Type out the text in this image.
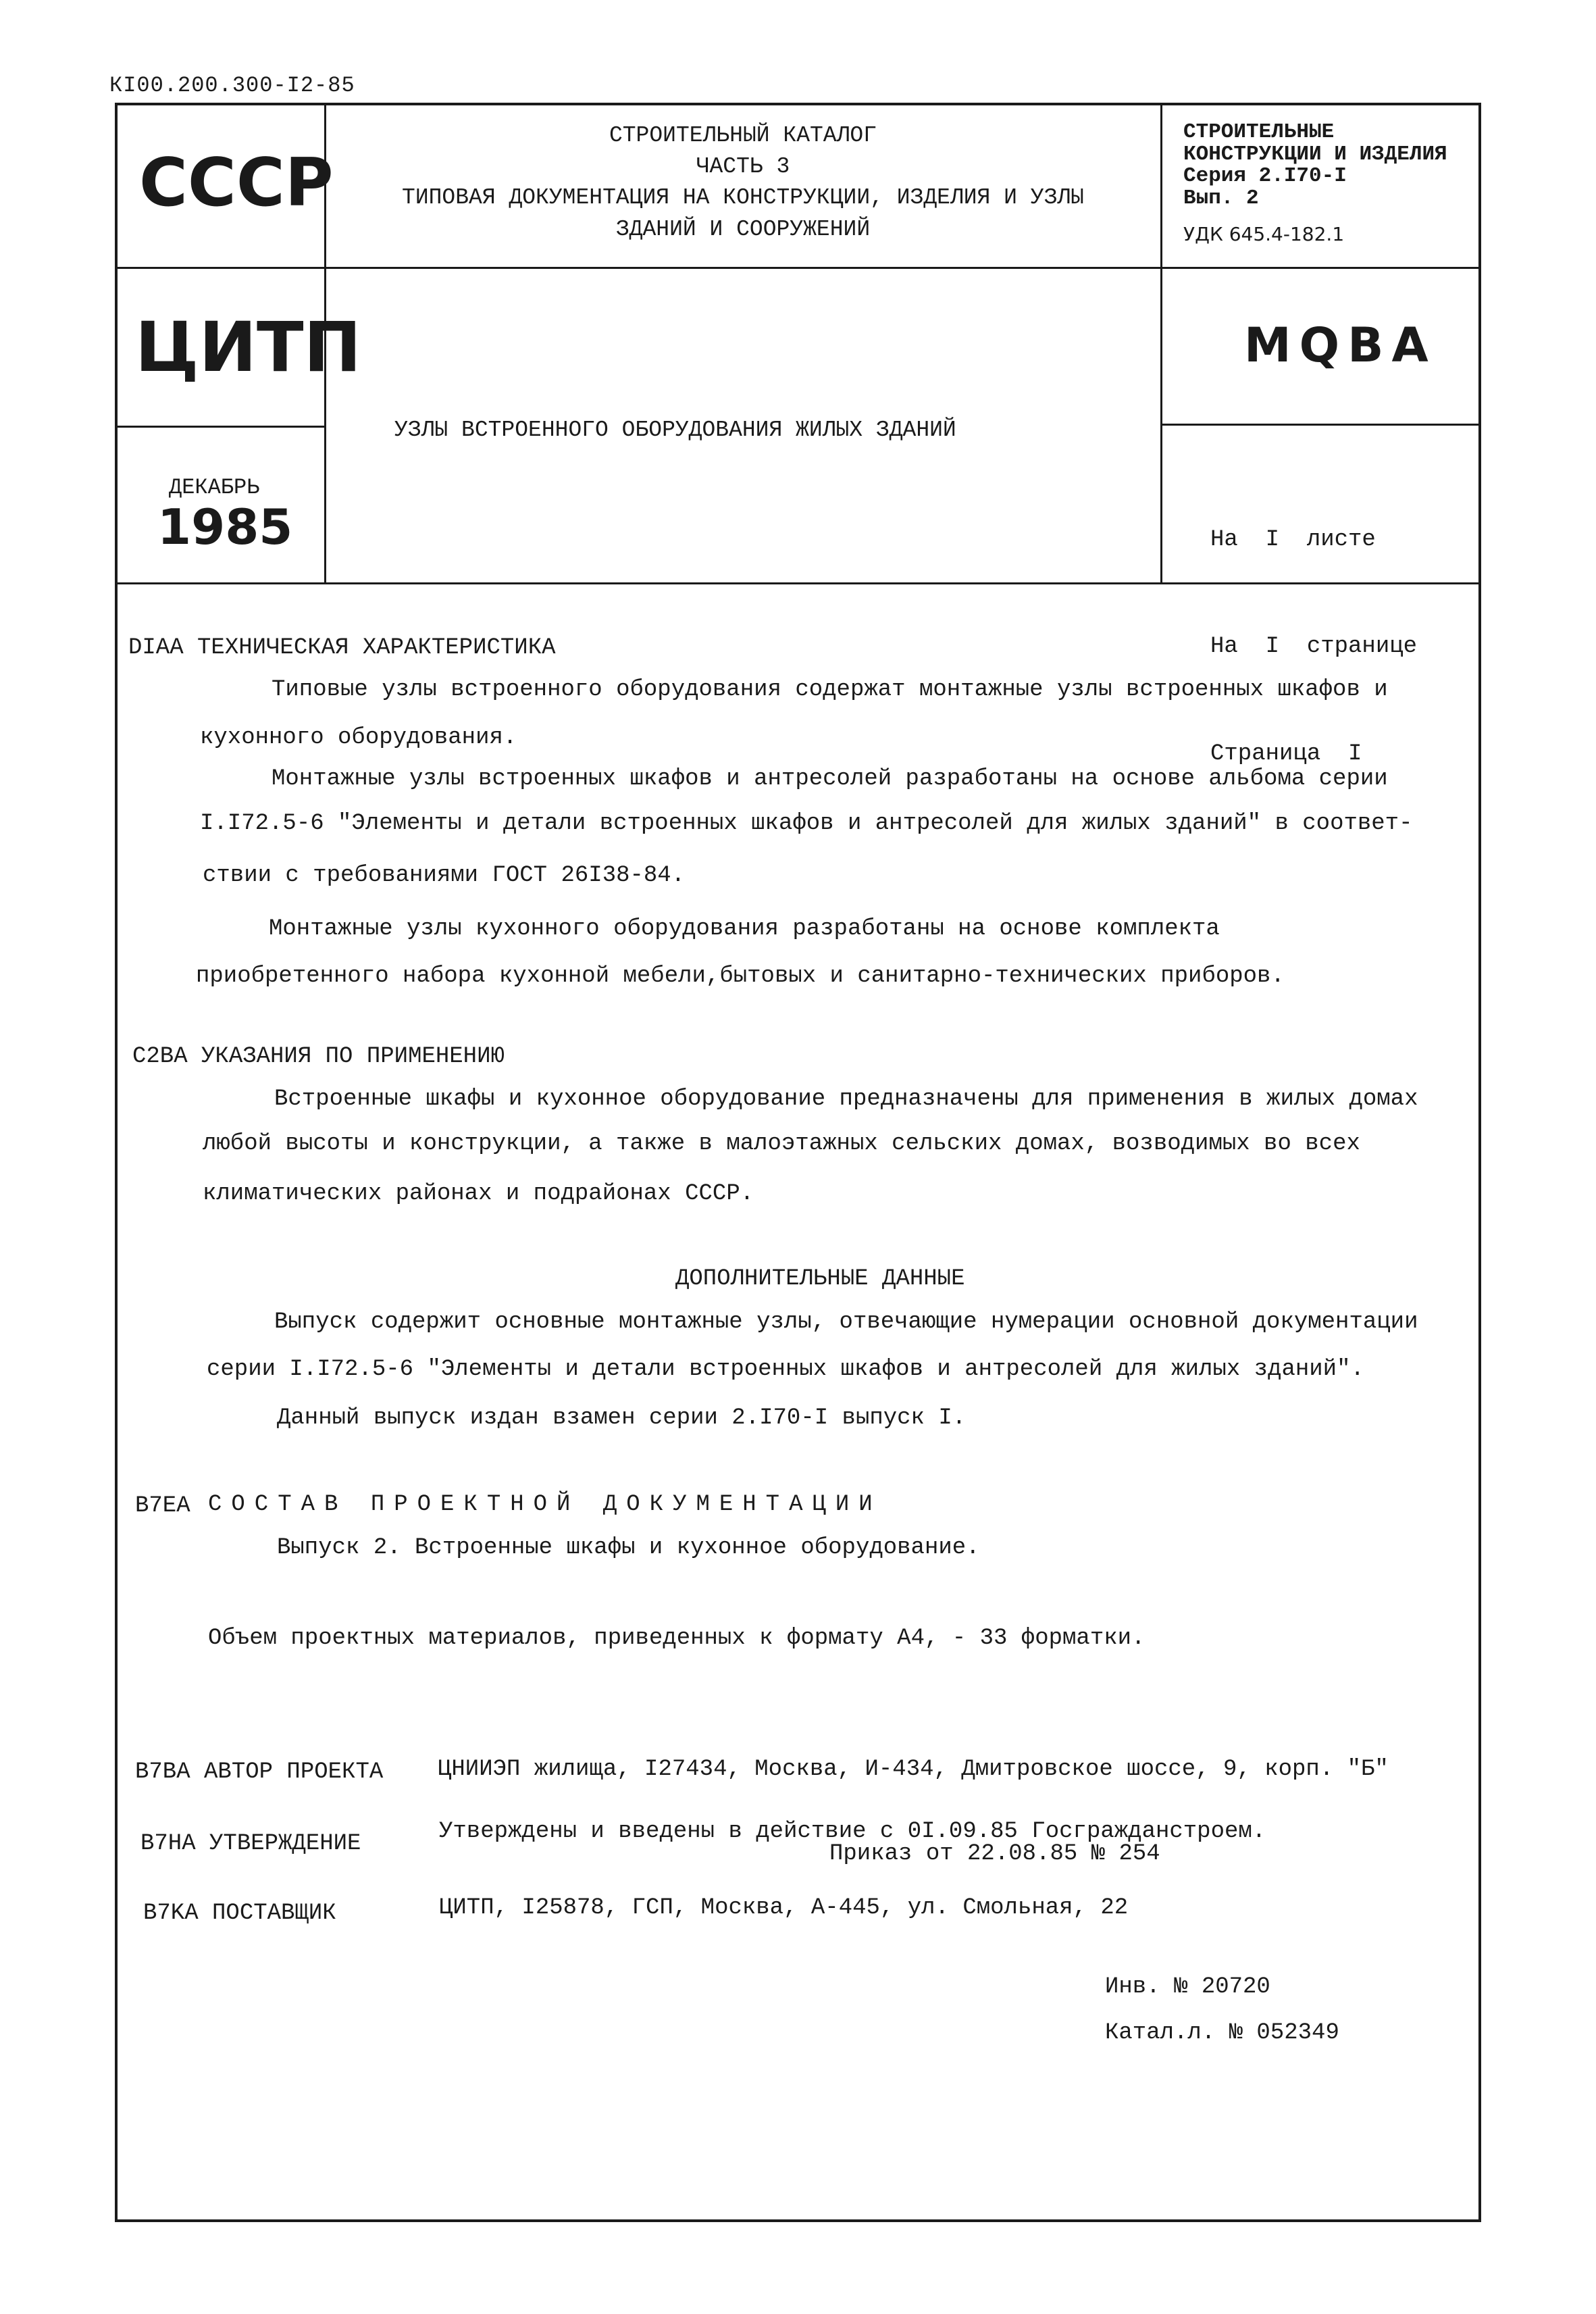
КI00.200.300-I2-85
СССР
ЦИТП
ДЕКАБРЬ
1985
СТРОИТЕЛЬНЫЙ КАТАЛОГ
ЧАСТЬ 3
ТИПОВАЯ ДОКУМЕНТАЦИЯ НА КОНСТРУКЦИИ, ИЗДЕЛИЯ И УЗЛЫ
ЗДАНИЙ И СООРУЖЕНИЙ
УЗЛЫ ВСТРОЕННОГО ОБОРУДОВАНИЯ ЖИЛЫХ ЗДАНИЙ
СТРОИТЕЛЬНЫЕ
КОНСТРУКЦИИ И ИЗДЕЛИЯ
Серия 2.I70-I
Вып. 2
УДК 645.4-182.1
MQBA

На  I  листе

На  I  странице

Страница  I

DIAA ТЕХНИЧЕСКАЯ ХАРАКТЕРИСТИКА
Типовые узлы встроенного оборудования содержат монтажные узлы встроенных шкафов и
кухонного оборудования.
Монтажные узлы встроенных шкафов и антресолей разработаны на основе альбома серии
I.I72.5-6 "Элементы и детали встроенных шкафов и антресолей для жилых зданий" в соответ-
ствии с требованиями ГОСТ 26I38-84.
Монтажные узлы кухонного оборудования разработаны на основе комплекта
приобретенного набора кухонной мебели,бытовых и санитарно-технических приборов.
C2BA УКАЗАНИЯ ПО ПРИМЕНЕНИЮ
Встроенные шкафы и кухонное оборудование предназначены для применения в жилых домах
любой высоты и конструкции, а также в малоэтажных сельских домах, возводимых во всех
климатических районах и подрайонах СССР.
ДОПОЛНИТЕЛЬНЫЕ ДАННЫЕ
Выпуск содержит основные монтажные узлы, отвечающие нумерации основной документации
серии I.I72.5-6 "Элементы и детали встроенных шкафов и антресолей для жилых зданий".
Данный выпуск издан взамен серии 2.I70-I выпуск I.
B7EA СОСТАВ ПРОЕКТНОЙ ДОКУМЕНТАЦИИ
Выпуск 2. Встроенные шкафы и кухонное оборудование.
Объем проектных материалов, приведенных к формату А4, - 33 форматки.
B7BA АВТОР ПРОЕКТА ЦНИИЭП жилища, I27434, Москва, И-434, Дмитровское шоссе, 9, корп. "Б"
B7HA УТВЕРЖДЕНИЕ	Утверждены и введены в действие с 0I.09.85 Госгражданстроем.
Приказ от 22.08.85 № 254
B7KA ПОСТАВЩИК	ЦИТП, I25878, ГСП, Москва, А-445, ул. Смольная, 22
Инв. № 20720
Катал.л. № 052349
